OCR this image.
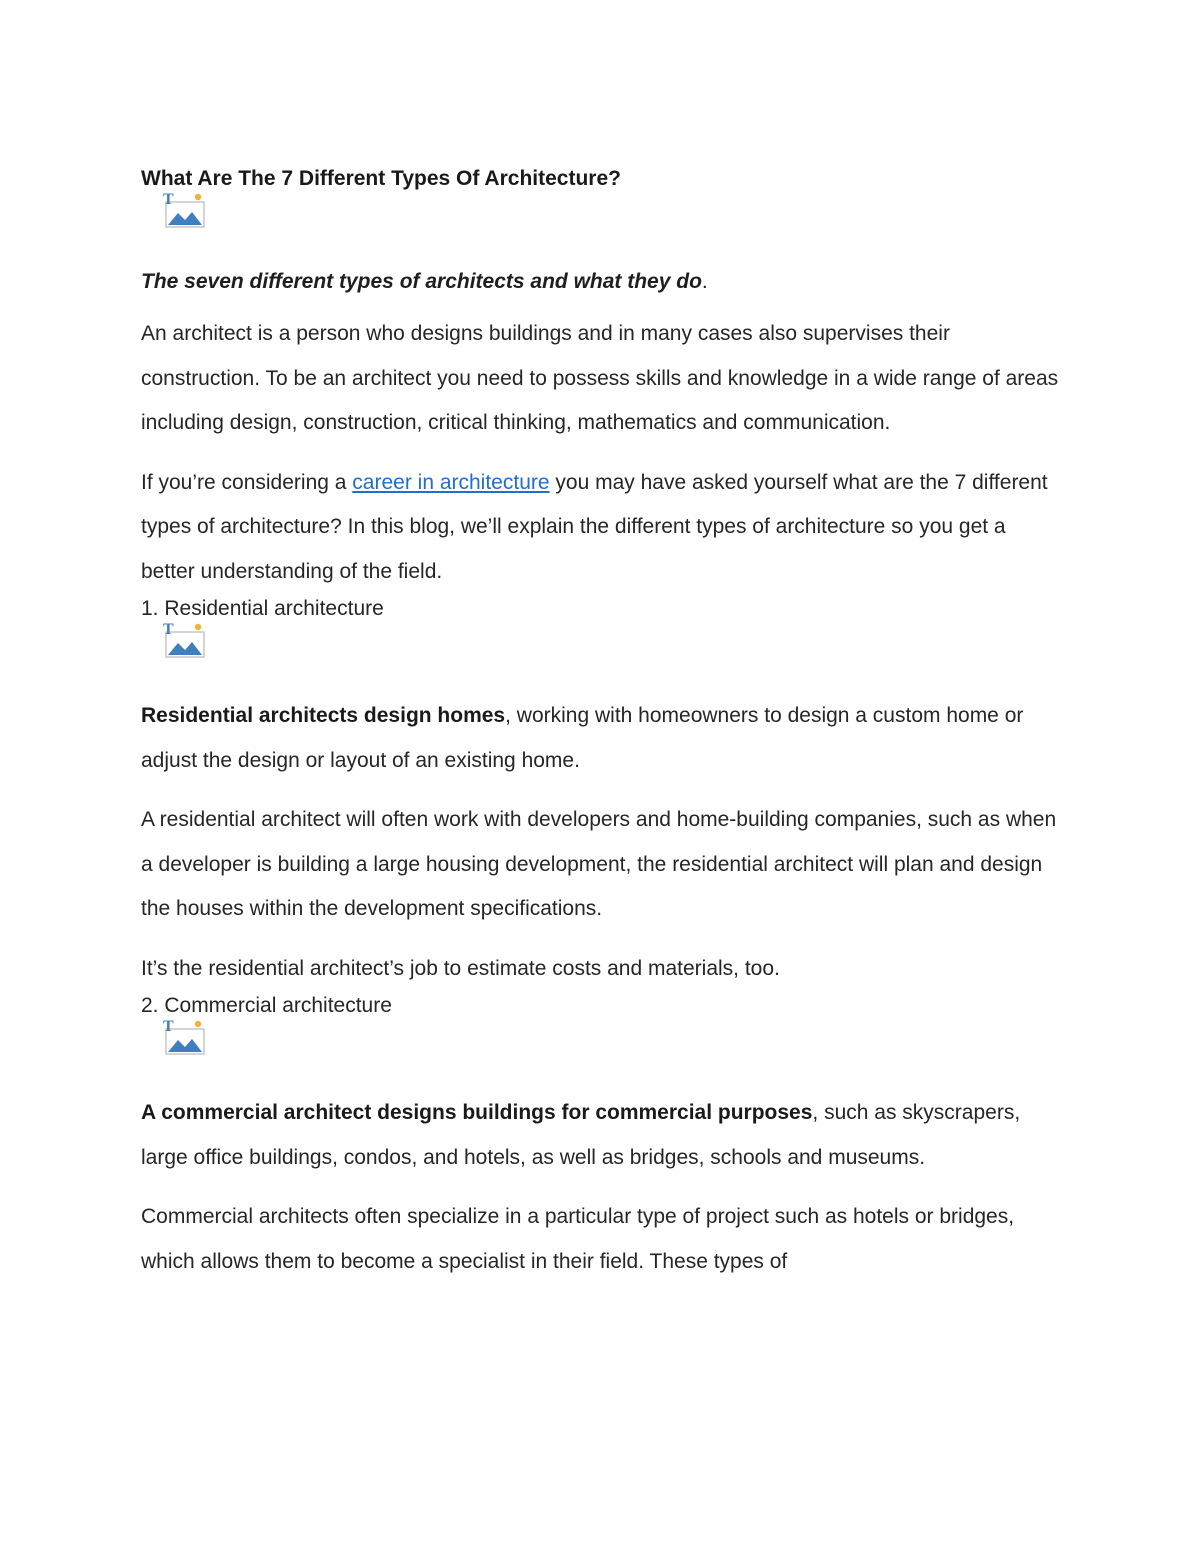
What Are The 7 Different Types Of Architecture?
T

The seven different types of architects and what they do.

An architect is a person who designs buildings and in many cases also supervises their construction. To be an architect you need to possess skills and knowledge in a wide range of areas including design, construction, critical thinking, mathematics and communication.

If you’re considering a career in architecture you may have asked yourself what are the 7 different types of architecture? In this blog, we’ll explain the different types of architecture so you get a better understanding of the field.

1. Residential architecture

T

Residential architects design homes, working with homeowners to design a custom home or adjust the design or layout of an existing home.

A residential architect will often work with developers and home-building companies, such as when a developer is building a large housing development, the residential architect will plan and design the houses within the development specifications.

It’s the residential architect’s job to estimate costs and materials, too.

2. Commercial architecture

T

A commercial architect designs buildings for commercial purposes, such as skyscrapers, large office buildings, condos, and hotels, as well as bridges, schools and museums.

Commercial architects often specialize in a particular type of project such as hotels or bridges, which allows them to become a specialist in their field. These types of
